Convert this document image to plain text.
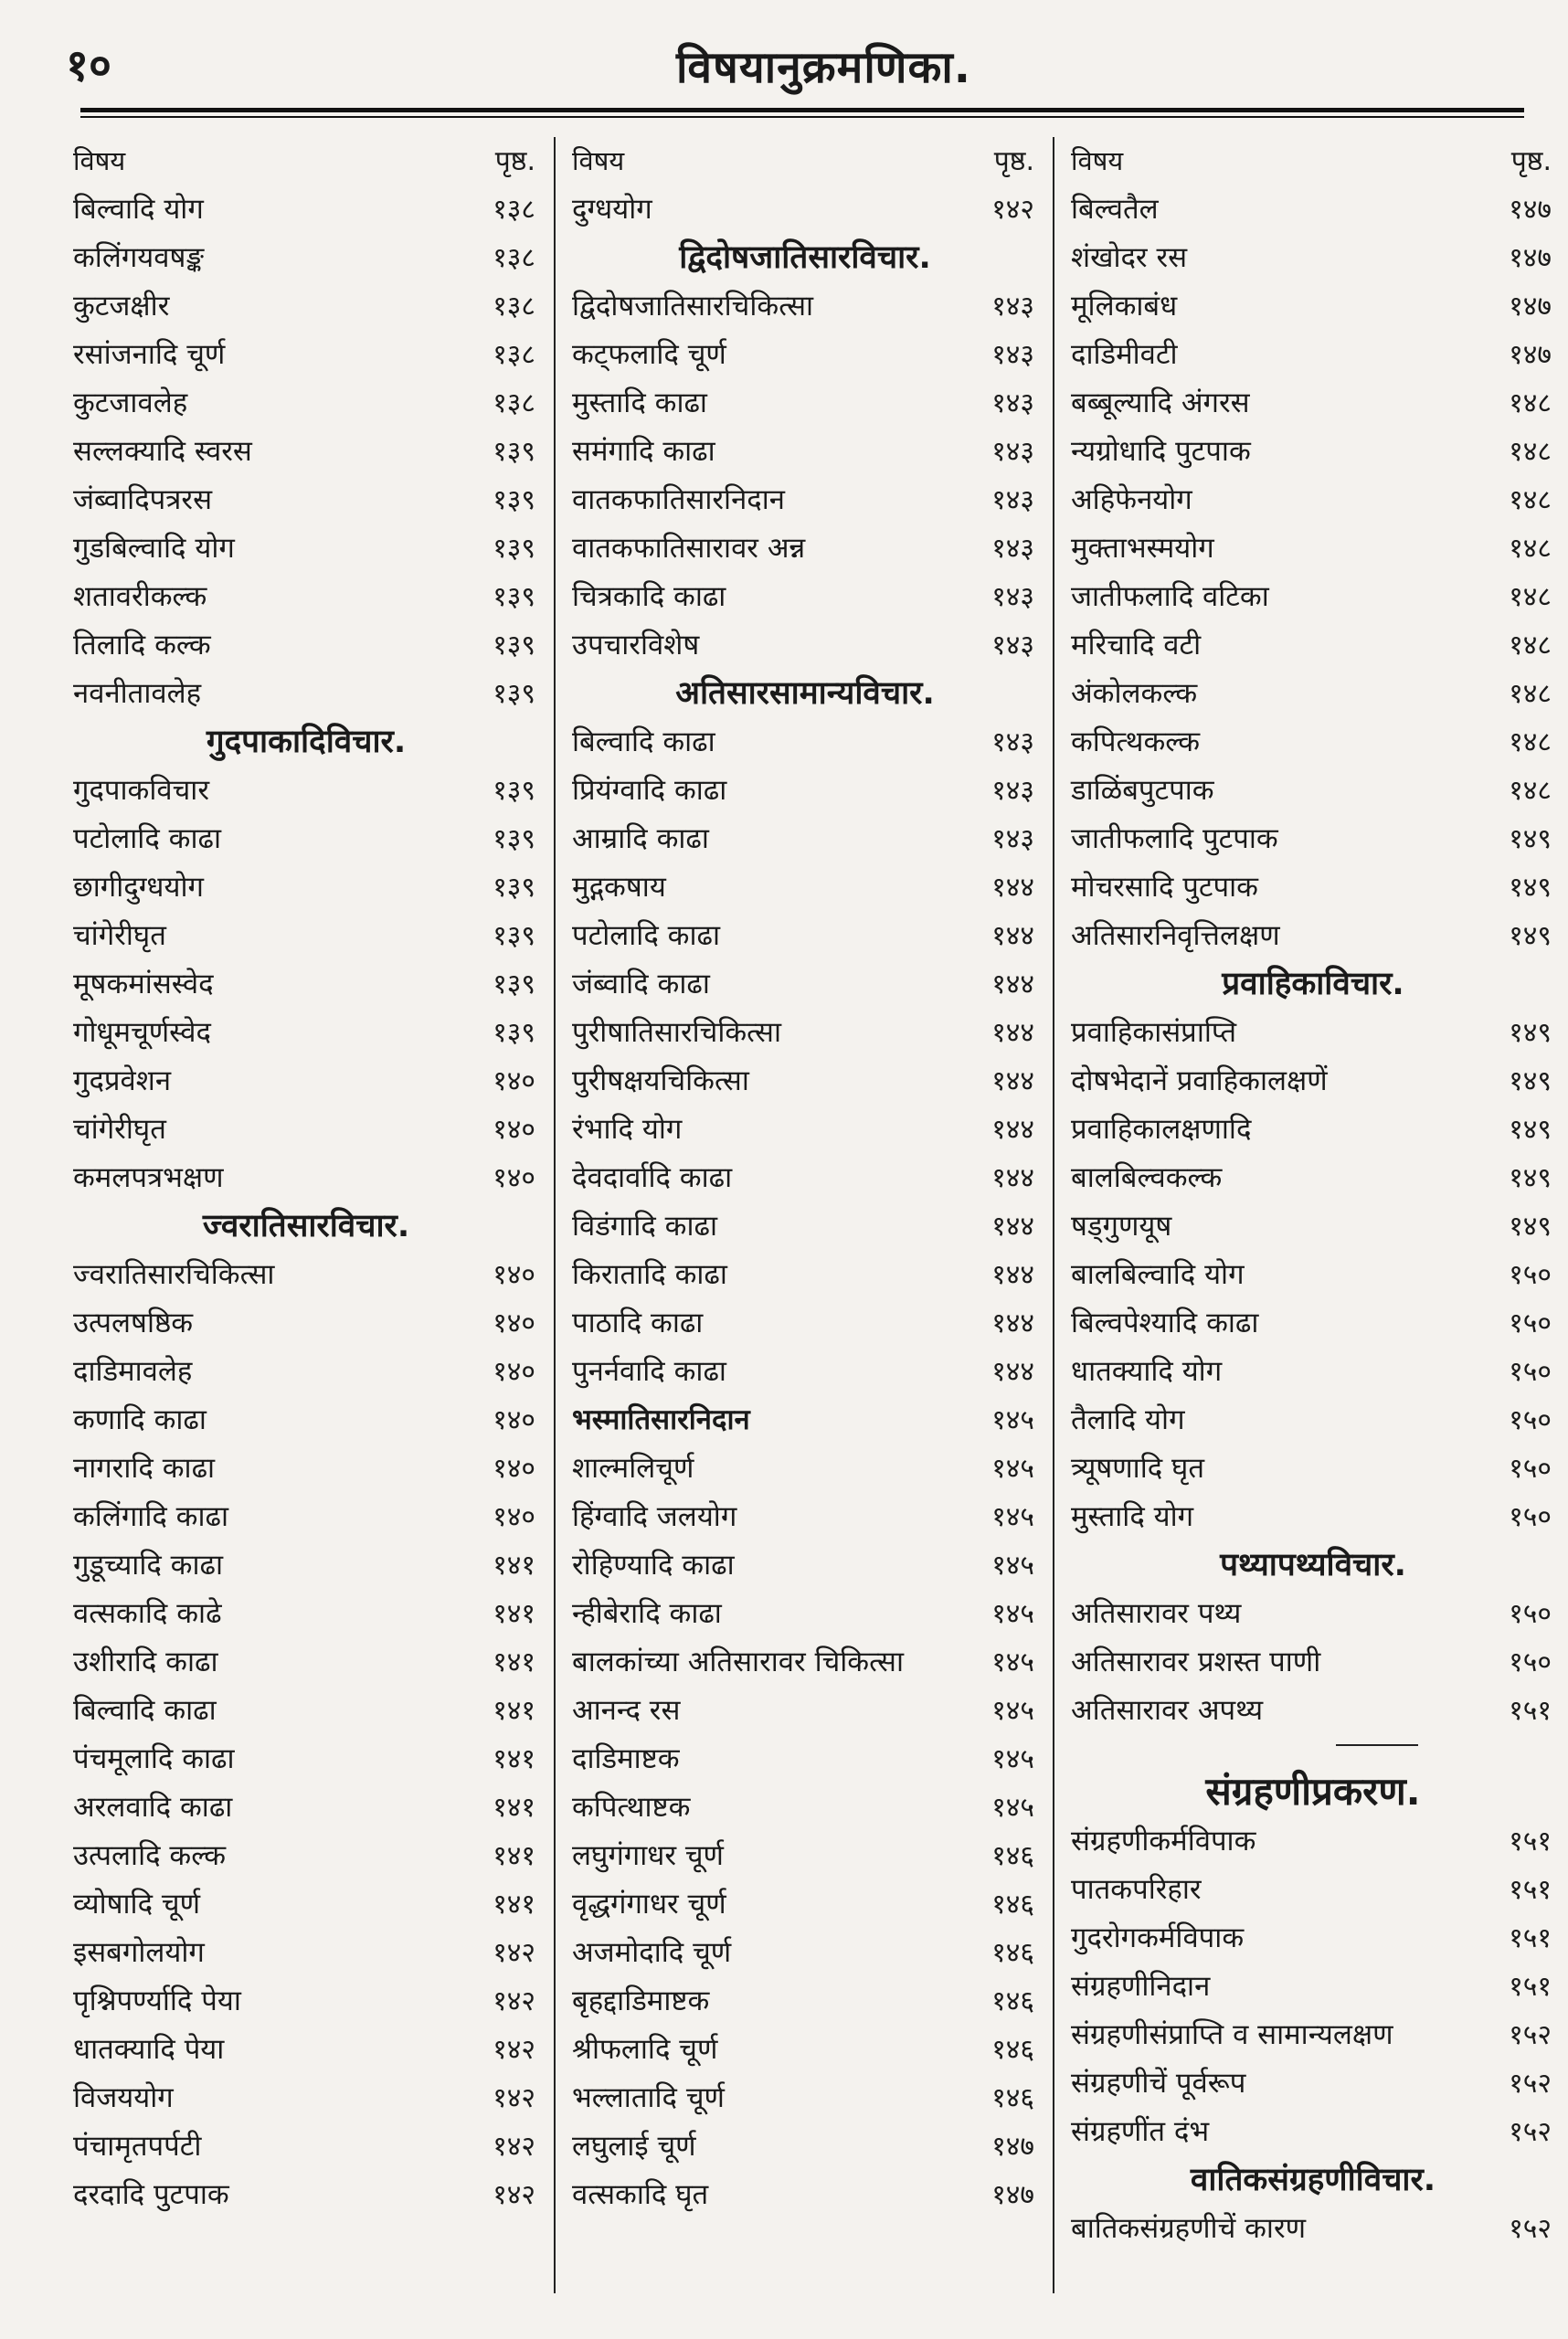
१०	विषयानुक्रमणिका.
विषय	पृष्ठ.
बिल्वादि योग	१३८
कलिंगयवषङ्क	१३८
कुटजक्षीर	१३८
रसांजनादि चूर्ण	१३८
कुटजावलेह	१३८
सल्लक्यादि स्वरस	१३९
जंब्वादिपत्ररस	१३९
गुडबिल्वादि योग	१३९
शतावरीकल्क	१३९
तिलादि कल्क	१३९
नवनीतावलेह	१३९
गुदपाकादिविचार.
गुदपाकविचार	१३९
पटोलादि काढा	१३९
छागीदुग्धयोग	१३९
चांगेरीघृत	१३९
मूषकमांसस्वेद	१३९
गोधूमचूर्णस्वेद	१३९
गुदप्रवेशन	१४०
चांगेरीघृत	१४०
कमलपत्रभक्षण	१४०
ज्वरातिसारविचार.
ज्वरातिसारचिकित्सा	१४०
उत्पलषष्ठिक	१४०
दाडिमावलेह	१४०
कणादि काढा	१४०
नागरादि काढा	१४०
कलिंगादि काढा	१४०
गुडूच्यादि काढा	१४१
वत्सकादि काढे	१४१
उशीरादि काढा	१४१
बिल्वादि काढा	१४१
पंचमूलादि काढा	१४१
अरलवादि काढा	१४१
उत्पलादि कल्क	१४१
व्योषादि चूर्ण	१४१
इसबगोलयोग	१४२
पृश्निपर्ण्यादि पेया	१४२
धातक्यादि पेया	१४२
विजययोग	१४२
पंचामृतपर्पटी	१४२
दरदादि पुटपाक	१४२
विषय	पृष्ठ.
दुग्धयोग	१४२
द्विदोषजातिसारविचार.
द्विदोषजातिसारचिकित्सा	१४३
कट्फलादि चूर्ण	१४३
मुस्तादि काढा	१४३
समंगादि काढा	१४३
वातकफातिसारनिदान	१४३
वातकफातिसारावर अन्न	१४३
चित्रकादि काढा	१४३
उपचारविशेष	१४३
अतिसारसामान्यविचार.
बिल्वादि काढा	१४३
प्रियंग्वादि काढा	१४३
आम्रादि काढा	१४३
मुद्गकषाय	१४४
पटोलादि काढा	१४४
जंब्वादि काढा	१४४
पुरीषातिसारचिकित्सा	१४४
पुरीषक्षयचिकित्सा	१४४
रंभादि योग	१४४
देवदार्वादि काढा	१४४
विडंगादि काढा	१४४
किरातादि काढा	१४४
पाठादि काढा	१४४
पुनर्नवादि काढा	१४४
भस्मातिसारनिदान	१४५
शाल्मलिचूर्ण	१४५
हिंग्वादि जलयोग	१४५
रोहिण्यादि काढा	१४५
न्हीबेरादि काढा	१४५
बालकांच्या अतिसारावर चिकित्सा	१४५
आनन्द रस	१४५
दाडिमाष्टक	१४५
कपित्थाष्टक	१४५
लघुगंगाधर चूर्ण	१४६
वृद्धगंगाधर चूर्ण	१४६
अजमोदादि चूर्ण	१४६
बृहद्दाडिमाष्टक	१४६
श्रीफलादि चूर्ण	१४६
भल्लातादि चूर्ण	१४६
लघुलाई चूर्ण	१४७
वत्सकादि घृत	१४७
विषय	पृष्ठ.
बिल्वतैल	१४७
शंखोदर रस	१४७
मूलिकाबंध	१४७
दाडिमीवटी	१४७
बब्बूल्यादि अंगरस	१४८
न्यग्रोधादि पुटपाक	१४८
अहिफेनयोग	१४८
मुक्ताभस्मयोग	१४८
जातीफलादि वटिका	१४८
मरिचादि वटी	१४८
अंकोलकल्क	१४८
कपित्थकल्क	१४८
डाळिंबपुटपाक	१४८
जातीफलादि पुटपाक	१४९
मोचरसादि पुटपाक	१४९
अतिसारनिवृत्तिलक्षण	१४९
प्रवाहिकाविचार.
प्रवाहिकासंप्राप्ति	१४९
दोषभेदानें प्रवाहिकालक्षणें	१४९
प्रवाहिकालक्षणादि	१४९
बालबिल्वकल्क	१४९
षड्गुणयूष	१४९
बालबिल्वादि योग	१५०
बिल्वपेश्यादि काढा	१५०
धातक्यादि योग	१५०
तैलादि योग	१५०
त्र्यूषणादि घृत	१५०
मुस्तादि योग	१५०
पथ्यापथ्यविचार.
अतिसारावर पथ्य	१५०
अतिसारावर प्रशस्त पाणी	१५०
अतिसारावर अपथ्य	१५१
संग्रहणीप्रकरण.
संग्रहणीकर्मविपाक	१५१
पातकपरिहार	१५१
गुदरोगकर्मविपाक	१५१
संग्रहणीनिदान	१५१
संग्रहणीसंप्राप्ति व सामान्यलक्षण	१५२
संग्रहणीचें पूर्वरूप	१५२
संग्रहणींत दंभ	१५२
वातिकसंग्रहणीविचार.
बातिकसंग्रहणीचें कारण	१५२
